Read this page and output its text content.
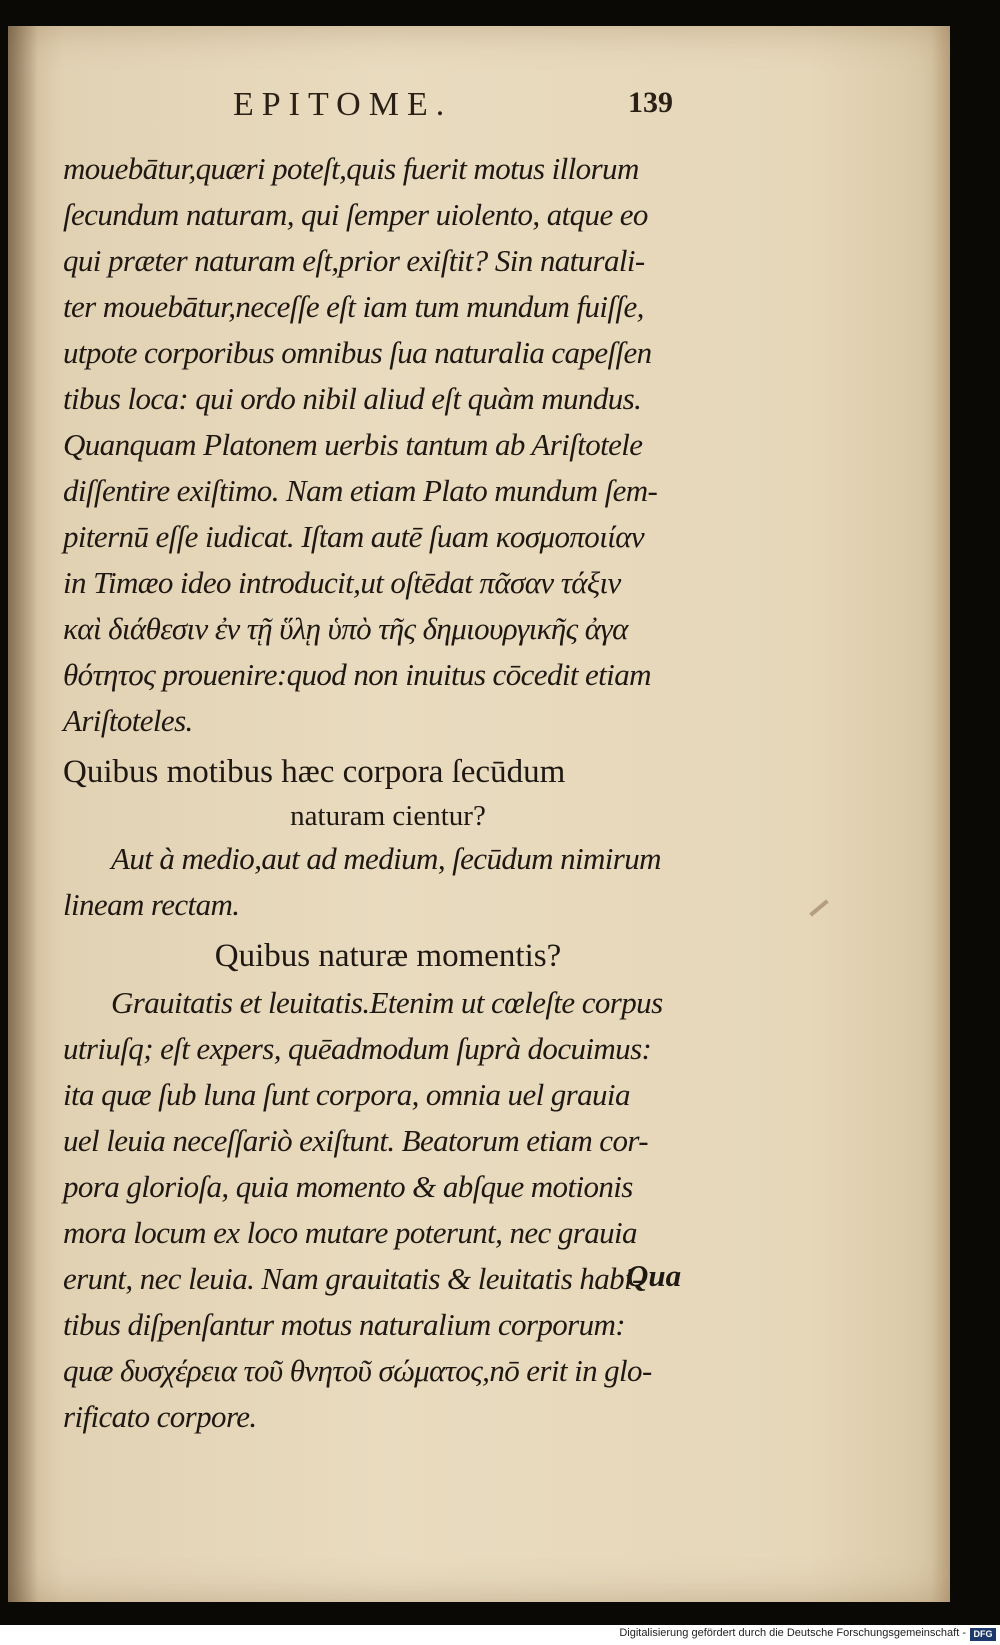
EPITOME.	139
mouebātur,quæri poteſt,quis fuerit motus illorum
ſecundum naturam, qui ſemper uiolento, atque eo
qui præter naturam eſt,prior exiſtit? Sin naturali-
ter mouebātur,neceſſe eſt iam tum mundum fuiſſe,
utpote corporibus omnibus ſua naturalia capeſſen
tibus loca: qui ordo nibil aliud eſt quàm mundus.
Quanquam Platonem uerbis tantum ab Ariſtotele
diſſentire exiſtimo. Nam etiam Plato mundum ſem-
piternū eſſe iudicat. Iſtam autē ſuam κοσμοποιίαν
in Timæo ideo introducit,ut oſtēdat πᾶσαν τάξιν
καὶ διάθεσιν ἐν τῇ ὕλῃ ὑπὸ τῆς δημιουργικῆς ἀγα
θότητος prouenire:quod non inuitus cōcedit etiam
Ariſtoteles.
Quibus motibus hæc corpora ſecūdum
naturam cientur?
Aut à medio,aut ad medium, ſecūdum nimirum
lineam rectam.
Quibus naturæ momentis?
Grauitatis et leuitatis.Etenim ut cœleſte corpus
utriuſq; eſt expers, quēadmodum ſuprà docuimus:
ita quæ ſub luna ſunt corpora, omnia uel grauia
uel leuia neceſſariò exiſtunt. Beatorum etiam cor-
pora glorioſa, quia momento & abſque motionis
mora locum ex loco mutare poterunt, nec grauia
erunt, nec leuia. Nam grauitatis & leuitatis habi-
tibus diſpenſantur motus naturalium corporum:
quæ δυσχέρεια τοῦ θνητοῦ σώματος,nō erit in glo-
rificato corpore.
Qua
Digitalisierung gefördert durch die Deutsche Forschungsgemeinschaft - DFG
